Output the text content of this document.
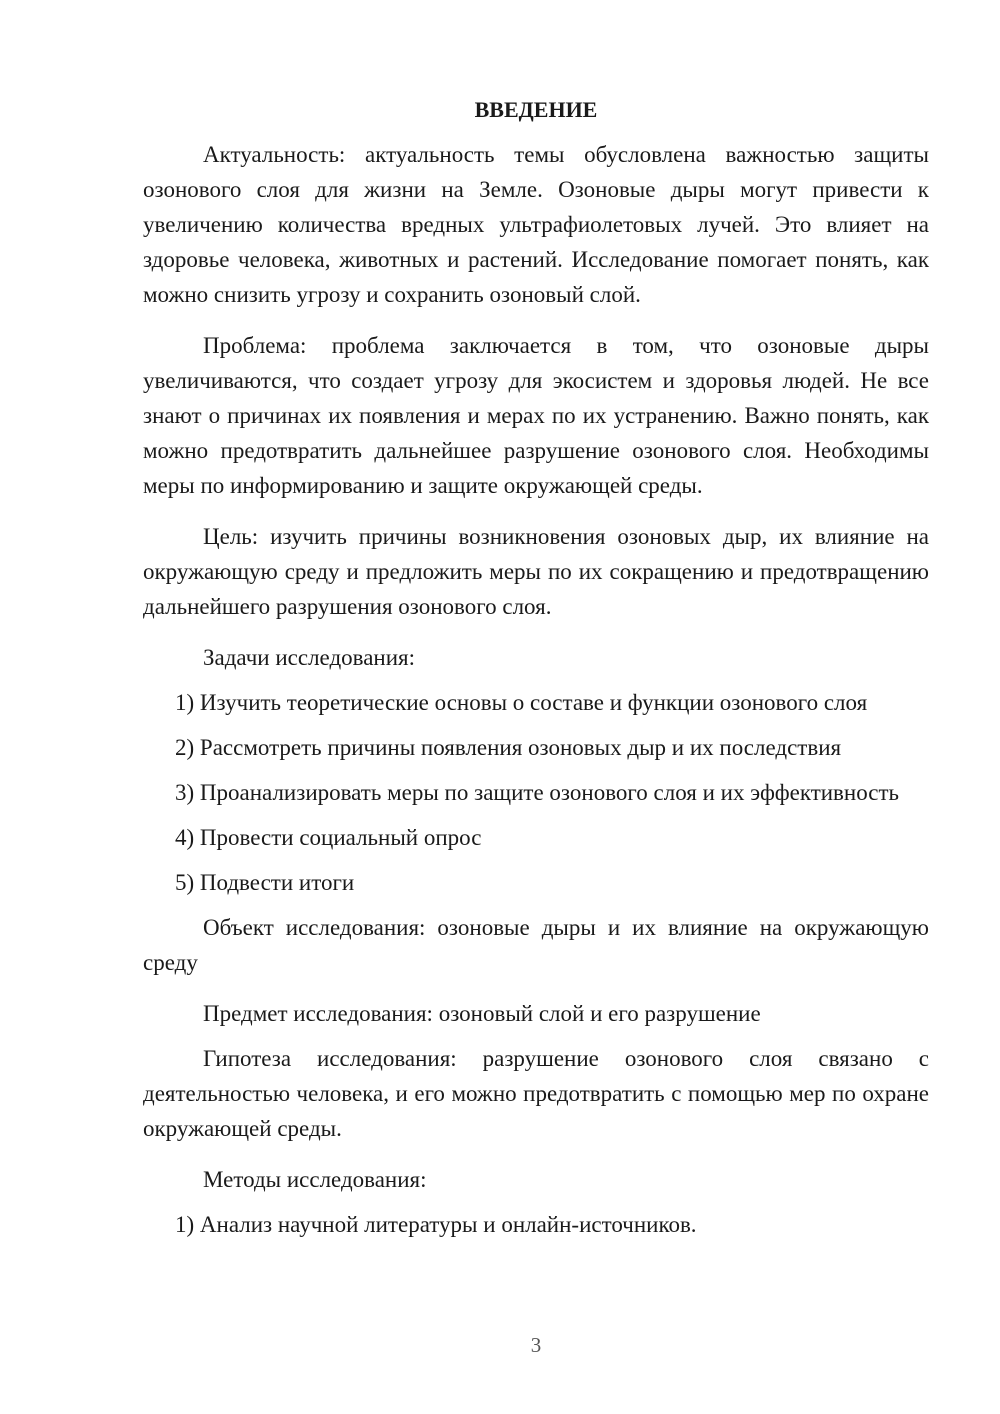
ВВЕДЕНИЕ

Актуальность: актуальность темы обусловлена важностью защиты озонового слоя для жизни на Земле. Озоновые дыры могут привести к увеличению количества вредных ультрафиолетовых лучей. Это влияет на здоровье человека, животных и растений. Исследование помогает понять, как можно снизить угрозу и сохранить озоновый слой.

Проблема: проблема заключается в том, что озоновые дыры увеличиваются, что создает угрозу для экосистем и здоровья людей. Не все знают о причинах их появления и мерах по их устранению. Важно понять, как можно предотвратить дальнейшее разрушение озонового слоя. Необходимы меры по информированию и защите окружающей среды.

Цель: изучить причины возникновения озоновых дыр, их влияние на окружающую среду и предложить меры по их сокращению и предотвращению дальнейшего разрушения озонового слоя.

Задачи исследования:

1) Изучить теоретические основы о составе и функции озонового слоя

2) Рассмотреть причины появления озоновых дыр и их последствия

3) Проанализировать меры по защите озонового слоя и их эффективность

4) Провести социальный опрос

5) Подвести итоги

Объект исследования: озоновые дыры и их влияние на окружающую среду

Предмет исследования: озоновый слой и его разрушение

Гипотеза исследования: разрушение озонового слоя связано с деятельностью человека, и его можно предотвратить с помощью мер по охране окружающей среды.

Методы исследования:

1) Анализ научной литературы и онлайн-источников.

3
